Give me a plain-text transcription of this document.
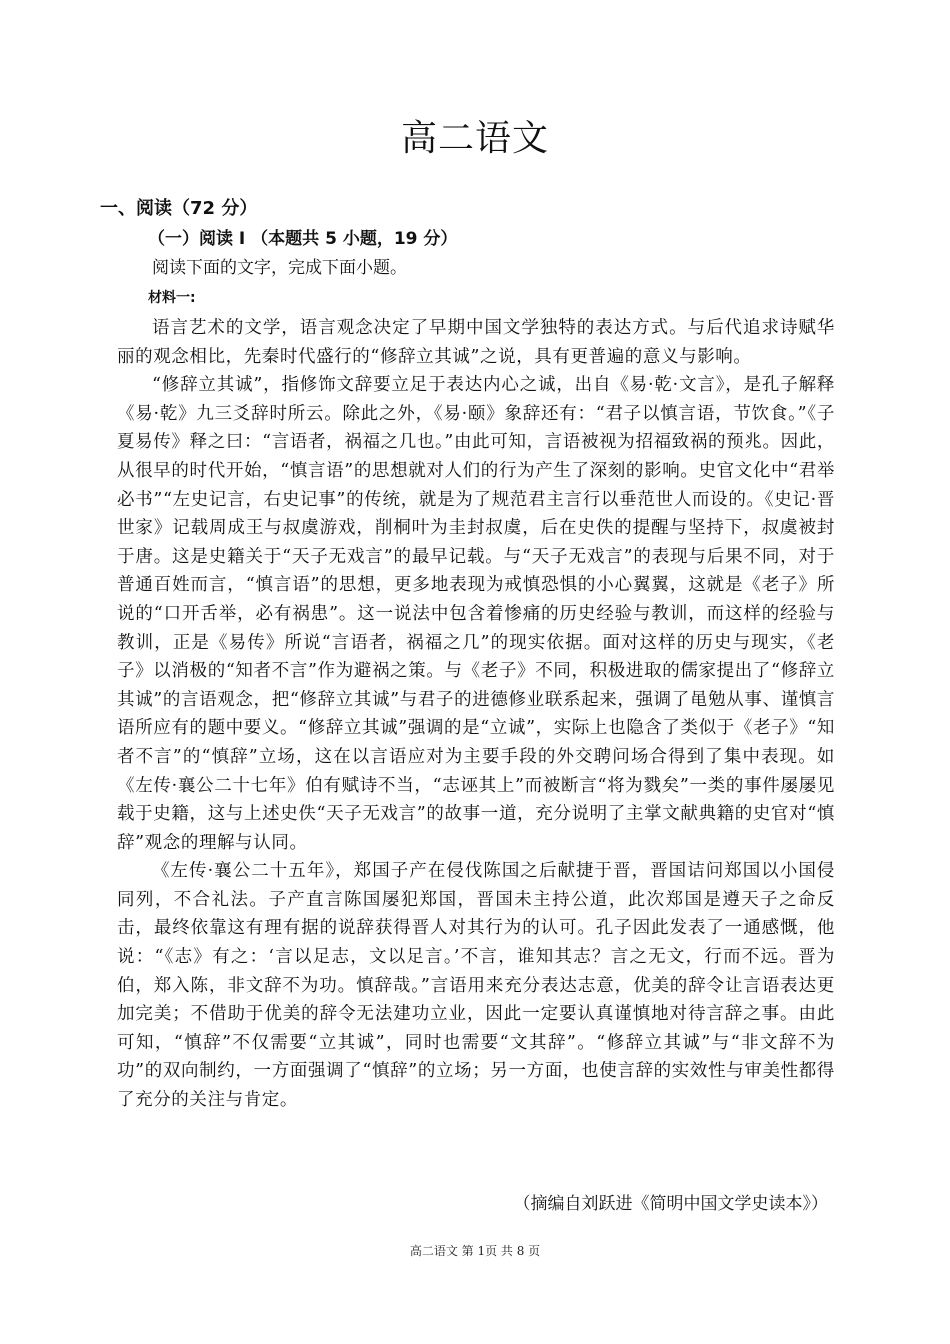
高二语文
一、阅读（72 分）
（一）阅读 I （本题共 5 小题，19 分）
阅读下面的文字，完成下面小题。
材料一:

语言艺术的文学，语言观念决定了早期中国文学独特的表达方式。与后代追求诗赋华丽的观念相比，先秦时代盛行的“修辞立其诚”之说，具有更普遍的意义与影响。

“修辞立其诚”，指修饰文辞要立足于表达内心之诚，出自《易·乾·文言》，是孔子解释《易·乾》九三爻辞时所云。除此之外，《易·颐》象辞还有：“君子以慎言语，节饮食。”《子夏易传》释之曰：“言语者，祸福之几也。”由此可知，言语被视为招福致祸的预兆。因此，从很早的时代开始，“慎言语”的思想就对人们的行为产生了深刻的影响。史官文化中“君举必书”“左史记言，右史记事”的传统，就是为了规范君主言行以垂范世人而设的。《史记·晋世家》记载周成王与叔虞游戏，削桐叶为圭封叔虞，后在史佚的提醒与坚持下，叔虞被封于唐。这是史籍关于“天子无戏言”的最早记载。与“天子无戏言”的表现与后果不同，对于普通百姓而言，“慎言语”的思想，更多地表现为戒慎恐惧的小心翼翼，这就是《老子》所说的“口开舌举，必有祸患”。这一说法中包含着惨痛的历史经验与教训，而这样的经验与教训，正是《易传》所说“言语者，祸福之几”的现实依据。面对这样的历史与现实，《老子》以消极的“知者不言”作为避祸之策。与《老子》不同，积极进取的儒家提出了“修辞立其诚”的言语观念，把“修辞立其诚”与君子的进德修业联系起来，强调了黾勉从事、谨慎言语所应有的题中要义。“修辞立其诚”强调的是“立诚”，实际上也隐含了类似于《老子》“知者不言”的“慎辞”立场，这在以言语应对为主要手段的外交聘问场合得到了集中表现。如《左传·襄公二十七年》伯有赋诗不当，“志诬其上”而被断言“将为戮矣”一类的事件屡屡见载于史籍，这与上述史佚“天子无戏言”的故事一道，充分说明了主掌文献典籍的史官对“慎辞”观念的理解与认同。

《左传·襄公二十五年》，郑国子产在侵伐陈国之后献捷于晋，晋国诘问郑国以小国侵同列，不合礼法。子产直言陈国屡犯郑国，晋国未主持公道，此次郑国是遵天子之命反击，最终依靠这有理有据的说辞获得晋人对其行为的认可。孔子因此发表了一通感慨，他说：“《志》有之：‘言以足志，文以足言。’不言，谁知其志？言之无文，行而不远。晋为伯，郑入陈，非文辞不为功。慎辞哉。”言语用来充分表达志意，优美的辞令让言语表达更加完美；不借助于优美的辞令无法建功立业，因此一定要认真谨慎地对待言辞之事。由此可知，“慎辞”不仅需要“立其诚”，同时也需要“文其辞”。“修辞立其诚”与“非文辞不为功”的双向制约，一方面强调了“慎辞”的立场；另一方面，也使言辞的实效性与审美性都得了充分的关注与肯定。

（摘编自刘跃进《简明中国文学史读本》）
高二语文 第 1页 共 8 页
